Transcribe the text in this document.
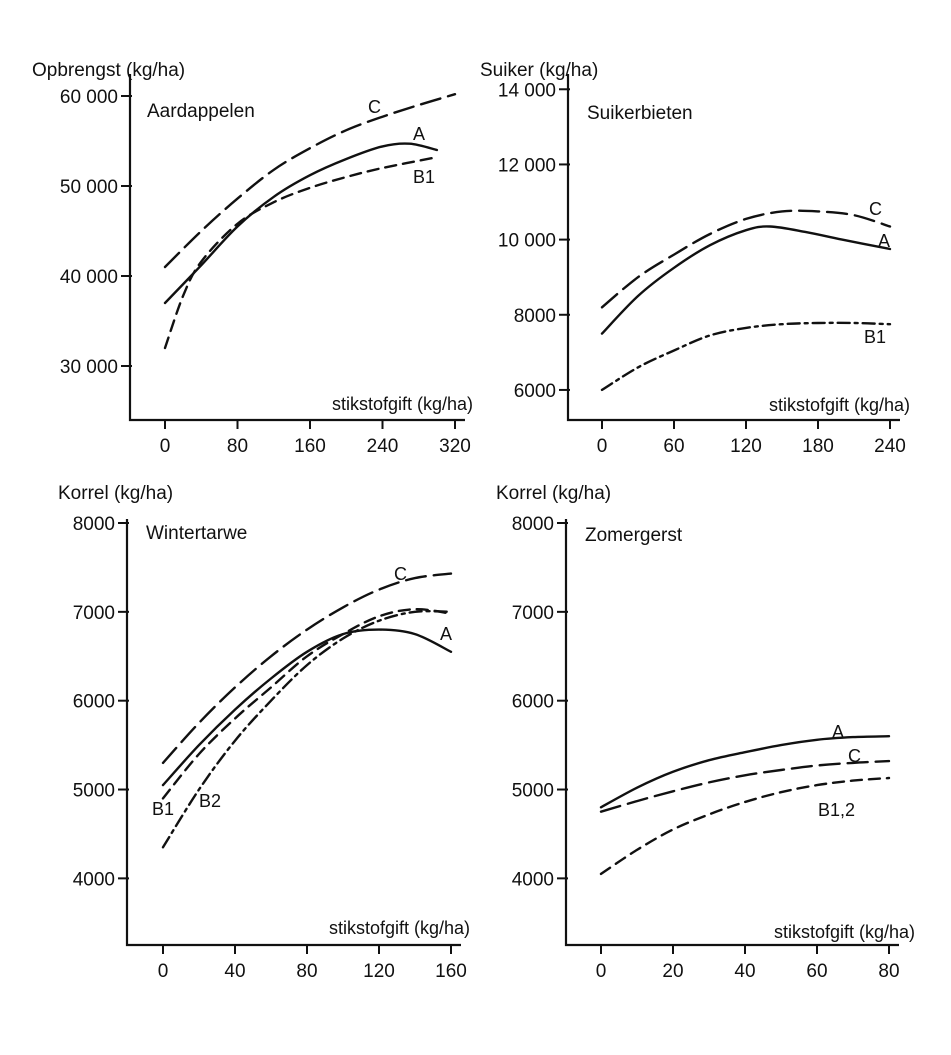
Opbrengst (kg/ha)
Aardappelen
stikstofgift (kg/ha)
C
A
B1
30 000
40 000
50 000
60 000
0	80 160 240 320
Suiker (kg/ha)
Suikerbieten
stikstofgift (kg/ha)
C
A
B1
6000
8000
10 000
12 000
14 000
0	60 120 180 240
Korrel (kg/ha)
Wintertarwe
stikstofgift (kg/ha)
C
A
B1 B2
4000
5000
6000
7000
8000
0	40	80 120 160
Korrel (kg/ha)
Zomergerst
stikstofgift (kg/ha)
A
C
B1,2
4000
5000
6000
7000
8000
0	20	40	60	80
